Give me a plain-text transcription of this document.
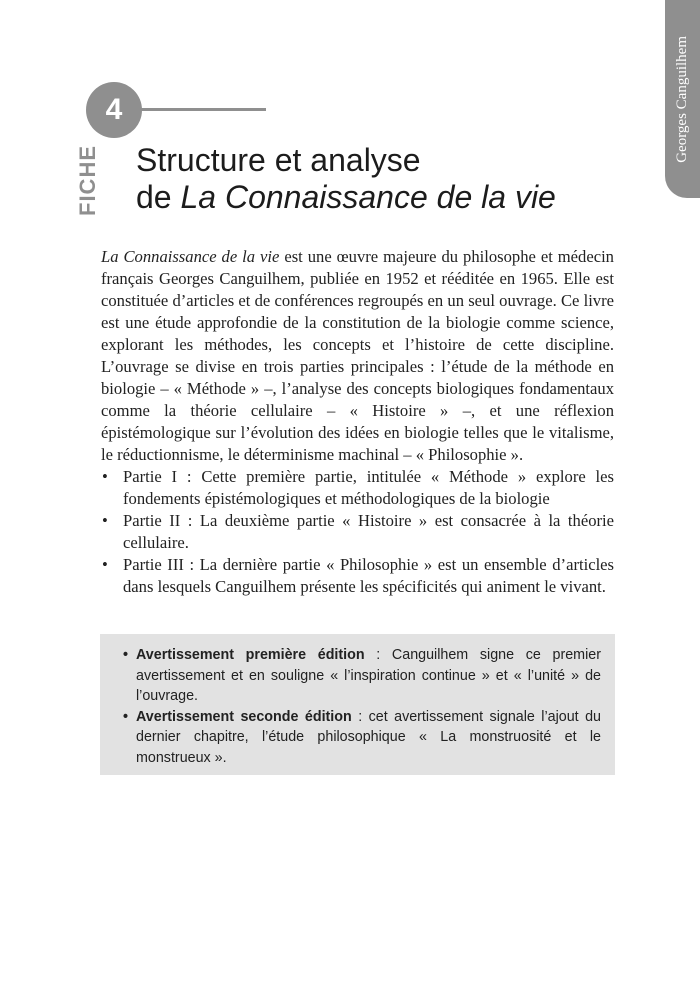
Georges Canguilhem
4
FICHE Structure et analyse
de La Connaissance de la vie

La Connaissance de la vie est une œuvre majeure du philosophe et médecin français Georges Canguilhem, publiée en 1952 et rééditée en 1965. Elle est constituée d’articles et de conférences regroupés en un seul ouvrage. Ce livre est une étude approfondie de la constitution de la biologie comme science, explorant les méthodes, les concepts et l’histoire de cette discipline. L’ouvrage se divise en trois parties principales : l’étude de la méthode en biologie – « Méthode » –, l’analyse des concepts biologiques fondamentaux comme la théorie cellulaire – « Histoire » –, et une réflexion épistémologique sur l’évolution des idées en biologie telles que le vitalisme, le réductionnisme, le déterminisme machinal – « Philosophie ».

• Partie I : Cette première partie, intitulée « Méthode » explore les fondements épistémologiques et méthodologiques de la biologie
• Partie II : La deuxième partie « Histoire » est consacrée à la théorie cellulaire.
• Partie III : La dernière partie « Philosophie » est un ensemble d’articles dans lesquels Canguilhem présente les spécificités qui animent le vivant.
• Avertissement première édition : Canguilhem signe ce premier avertissement et en souligne « l’inspiration continue » et « l’unité » de l’ouvrage.
• Avertissement seconde édition : cet avertissement signale l’ajout du dernier chapitre, l’étude philosophique « La monstruosité et le monstrueux ».
